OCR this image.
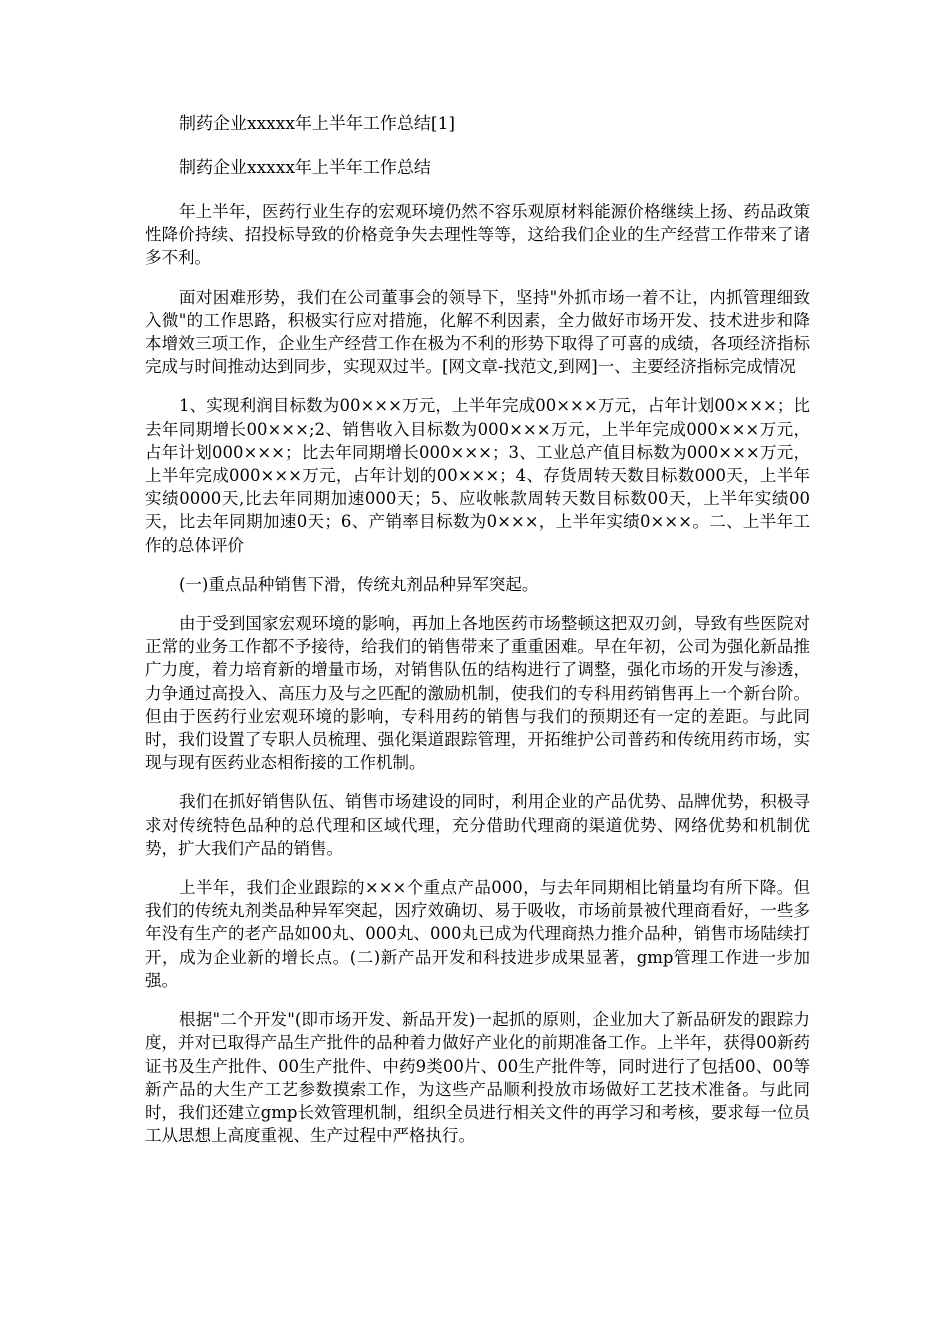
制药企业xxxxx年上半年工作总结[1]
制药企业xxxxx年上半年工作总结

年上半年，医药行业生存的宏观环境仍然不容乐观原材料能源价格继续上扬、药品政策性降价持续、招投标导致的价格竞争失去理性等等，这给我们企业的生产经营工作带来了诸多不利。

面对困难形势，我们在公司董事会的领导下，坚持"外抓市场一着不让，内抓管理细致入微"的工作思路，积极实行应对措施，化解不利因素，全力做好市场开发、技术进步和降本增效三项工作，企业生产经营工作在极为不利的形势下取得了可喜的成绩，各项经济指标完成与时间推动达到同步，实现双过半。[网文章-找范文,到网]一、主要经济指标完成情况

1、实现利润目标数为00×××万元，上半年完成00×××万元，占年计划00×××；比去年同期增长00×××;2、销售收入目标数为000×××万元，上半年完成000×××万元，占年计划000×××；比去年同期增长000×××；3、工业总产值目标数为000×××万元，上半年完成000×××万元，占年计划的00×××；4、存货周转天数目标数000天，上半年实绩0000天,比去年同期加速000天；5、应收帐款周转天数目标数00天，上半年实绩00天，比去年同期加速0天；6、产销率目标数为0×××，上半年实绩0×××。二、上半年工作的总体评价

(一)重点品种销售下滑，传统丸剂品种异军突起。

由于受到国家宏观环境的影响，再加上各地医药市场整顿这把双刃剑，导致有些医院对正常的业务工作都不予接待，给我们的销售带来了重重困难。早在年初，公司为强化新品推广力度，着力培育新的增量市场，对销售队伍的结构进行了调整，强化市场的开发与渗透，力争通过高投入、高压力及与之匹配的激励机制，使我们的专科用药销售再上一个新台阶。但由于医药行业宏观环境的影响，专科用药的销售与我们的预期还有一定的差距。与此同时，我们设置了专职人员梳理、强化渠道跟踪管理，开拓维护公司普药和传统用药市场，实现与现有医药业态相衔接的工作机制。

我们在抓好销售队伍、销售市场建设的同时，利用企业的产品优势、品牌优势，积极寻求对传统特色品种的总代理和区域代理，充分借助代理商的渠道优势、网络优势和机制优势，扩大我们产品的销售。

上半年，我们企业跟踪的×××个重点产品000，与去年同期相比销量均有所下降。但我们的传统丸剂类品种异军突起，因疗效确切、易于吸收，市场前景被代理商看好，一些多年没有生产的老产品如00丸、000丸、000丸已成为代理商热力推介品种，销售市场陆续打开，成为企业新的增长点。(二)新产品开发和科技进步成果显著，gmp管理工作进一步加强。

根据"二个开发"(即市场开发、新品开发)一起抓的原则，企业加大了新品研发的跟踪力度，并对已取得产品生产批件的品种着力做好产业化的前期准备工作。上半年，获得00新药证书及生产批件、00生产批件、中药9类00片、00生产批件等，同时进行了包括00、00等新产品的大生产工艺参数摸索工作，为这些产品顺利投放市场做好工艺技术准备。与此同时，我们还建立gmp长效管理机制，组织全员进行相关文件的再学习和考核，要求每一位员工从思想上高度重视、生产过程中严格执行。
